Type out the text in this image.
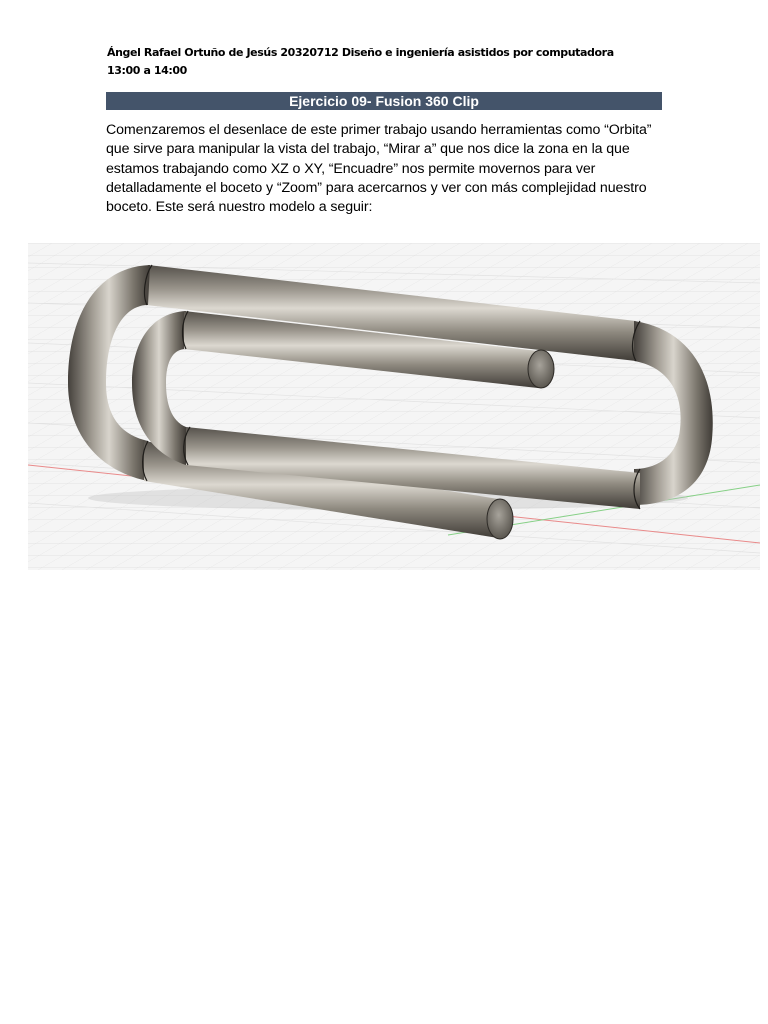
Ángel Rafael Ortuño de Jesús 20320712 Diseño e ingeniería asistidos por computadora
13:00 a 14:00
Ejercicio 09- Fusion 360 Clip

Comenzaremos el desenlace de este primer trabajo usando herramientas como “Orbita” que sirve para manipular la vista del trabajo, “Mirar a” que nos dice la zona en la que estamos trabajando como XZ o XY, “Encuadre” nos permite movernos para ver detalladamente el boceto y “Zoom” para acercarnos y ver con más complejidad nuestro boceto. Este será nuestro modelo a seguir:
